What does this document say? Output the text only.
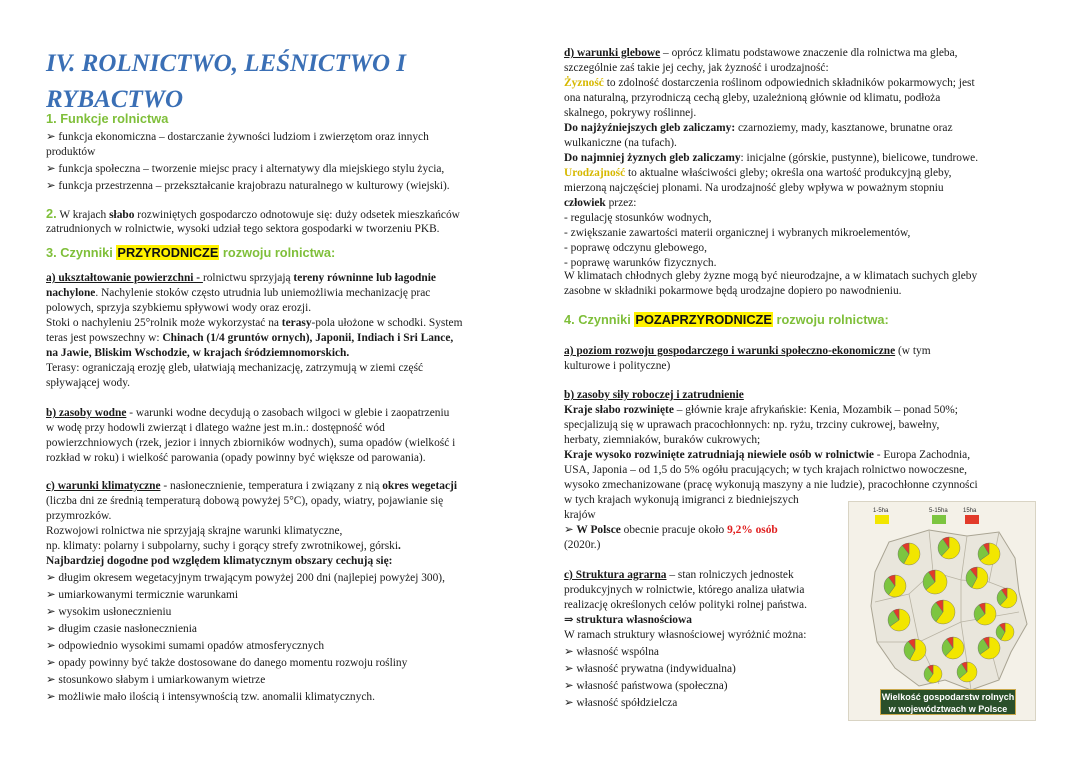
IV. ROLNICTWO, LEŚNICTWO I RYBACTWO
1. Funkcje rolnictwa
➢ funkcja ekonomiczna – dostarczanie żywności ludziom i zwierzętom oraz innych
produktów
➢ funkcja społeczna – tworzenie miejsc pracy i alternatywy dla miejskiego stylu życia,
➢ funkcja przestrzenna – przekształcanie krajobrazu naturalnego w kulturowy (wiejski).
2. W krajach słabo rozwiniętych gospodarczo odnotowuje się: duży odsetek mieszkańców
zatrudnionych w rolnictwie, wysoki udział tego sektora gospodarki w tworzeniu PKB.
3. Czynniki PRZYRODNICZE rozwoju rolnictwa:
a) ukształtowanie powierzchni - rolnictwu sprzyjają tereny równinne lub łagodnie
nachylone. Nachylenie stoków często utrudnia lub uniemożliwia mechanizację prac
polowych, sprzyja szybkiemu spływowi wody oraz erozji.
Stoki o nachyleniu 25°rolnik może wykorzystać na terasy-pola ułożone w schodki. System
teras jest powszechny w: Chinach (1/4 gruntów ornych), Japonii, Indiach i Sri Lance,
na Jawie, Bliskim Wschodzie, w krajach śródziemnomorskich.
Terasy: ograniczają erozję gleb, ułatwiają mechanizację, zatrzymują w ziemi część
spływającej wody.
b) zasoby wodne - warunki wodne decydują o zasobach wilgoci w glebie i zaopatrzeniu
w wodę przy hodowli zwierząt i dlatego ważne jest m.in.: dostępność wód
powierzchniowych (rzek, jezior i innych zbiorników wodnych), suma opadów (wielkość i
rozkład w roku) i wielkość parowania (opady powinny być większe od parowania).
c) warunki klimatyczne - nasłonecznienie, temperatura i związany z nią okres wegetacji
(liczba dni ze średnią temperaturą dobową powyżej 5°C), opady, wiatry, pojawianie się
przymrozków.
Rozwojowi rolnictwa nie sprzyjają skrajne warunki klimatyczne,
np. klimaty: polarny i subpolarny, suchy i gorący strefy zwrotnikowej, górski.
Najbardziej dogodne pod względem klimatycznym obszary cechują się:
➢ długim okresem wegetacyjnym trwającym powyżej 200 dni (najlepiej powyżej 300),
➢ umiarkowanymi termicznie warunkami
➢ wysokim usłonecznieniu
➢ długim czasie nasłonecznienia
➢ odpowiednio wysokimi sumami opadów atmosferycznych
➢ opady powinny być także dostosowane do danego momentu rozwoju rośliny
➢ stosunkowo słabym i umiarkowanym wietrze
➢ możliwie mało ilością i intensywnością tzw. anomalii klimatycznych.
d) warunki glebowe – oprócz klimatu podstawowe znaczenie dla rolnictwa ma gleba,
szczególnie zaś takie jej cechy, jak żyzność i urodzajność:
Żyzność to zdolność dostarczenia roślinom odpowiednich składników pokarmowych; jest
ona naturalną, przyrodniczą cechą gleby, uzależnioną głównie od klimatu, podłoża
skalnego, pokrywy roślinnej.
Do najżyźniejszych gleb zaliczamy: czarnoziemy, mady, kasztanowe, brunatne oraz
wulkaniczne (na tufach).
Do najmniej żyznych gleb zaliczamy: inicjalne (górskie, pustynne), bielicowe, tundrowe.
Urodzajność to aktualne właściwości gleby; określa ona wartość produkcyjną gleby,
mierzoną najczęściej plonami. Na urodzajność gleby wpływa w poważnym stopniu
człowiek przez:
- regulację stosunków wodnych,
- zwiększanie zawartości materii organicznej i wybranych mikroelementów,
- poprawę odczynu glebowego,
- poprawę warunków fizycznych.
W klimatach chłodnych gleby żyzne mogą być nieurodzajne, a w klimatach suchych gleby
zasobne w składniki pokarmowe będą urodzajne dopiero po nawodnieniu.
4. Czynniki POZAPRZYRODNICZE rozwoju rolnictwa:
a) poziom rozwoju gospodarczego i warunki społeczno-ekonomiczne (w tym
kulturowe i polityczne)
b) zasoby siły roboczej i zatrudnienie
Kraje słabo rozwinięte – głównie kraje afrykańskie: Kenia, Mozambik – ponad 50%;
specjalizują się w uprawach pracochłonnych: np. ryżu, trzciny cukrowej, bawełny,
herbaty, ziemniaków, buraków cukrowych;
Kraje wysoko rozwinięte zatrudniają niewiele osób w rolnictwie - Europa Zachodnia,
USA, Japonia – od 1,5 do 5% ogółu pracujących; w tych krajach rolnictwo nowoczesne,
wysoko zmechanizowane (pracę wykonują maszyny a nie ludzie), pracochłonne czynności
w tych krajach wykonują imigranci z biedniejszych
krajów
➢ W Polsce obecnie pracuje około 9,2% osób
(2020r.)
c) Struktura agrarna – stan rolniczych jednostek
produkcyjnych w rolnictwie, którego analiza ułatwia
realizację określonych celów polityki rolnej państwa.
⇒ struktura własnościowa
W ramach struktury własnościowej wyróżnić można:
➢ własność wspólna
➢ własność prywatna (indywidualna)
➢ własność państwowa (społeczna)
➢ własność spółdzielcza
1-5ha	5-15ha	15ha
Wielkość gospodarstw rolnych
w województwach w Polsce
